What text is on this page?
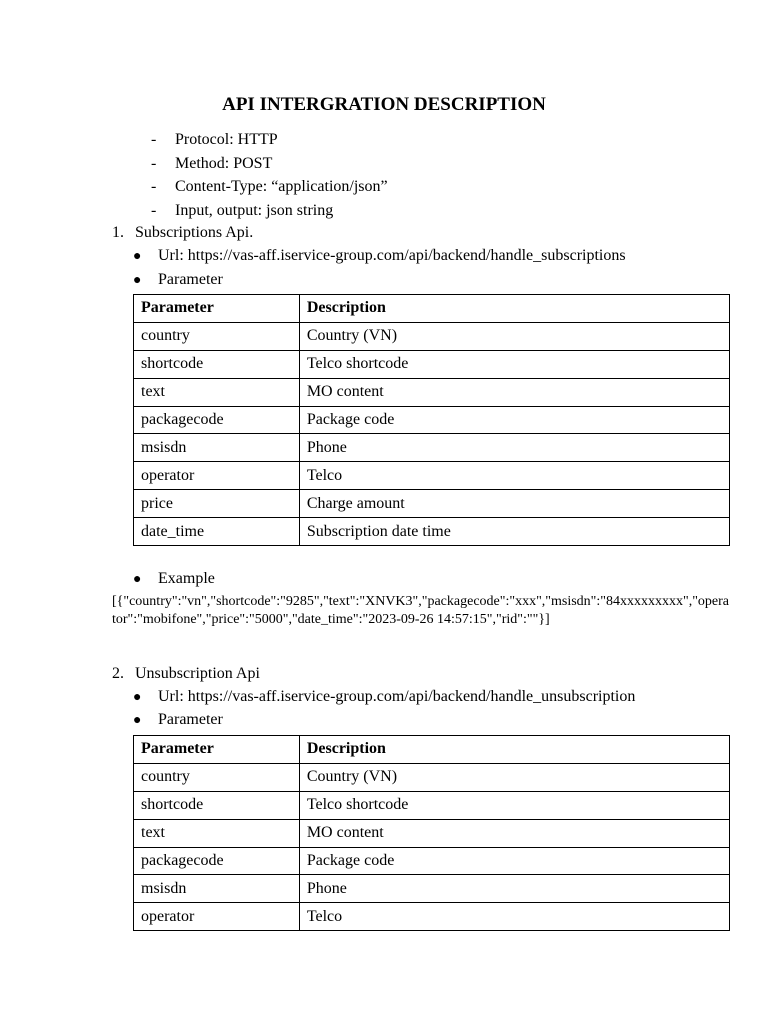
API INTERGRATION DESCRIPTION
- Protocol: HTTP
- Method: POST
- Content-Type: “application/json”
- Input, output: json string
1. Subscriptions Api.
● Url: https://vas-aff.iservice-group.com/api/backend/handle_subscriptions
● Parameter
Parameter	Description
country	Country (VN)
shortcode	Telco shortcode
text	MO content
packagecode	Package code
msisdn	Phone
operator	Telco
price	Charge amount
date_time	Subscription date time
● Example
[{"country":"vn","shortcode":"9285","text":"XNVK3","packagecode":"xxx","msisdn":"84xxxxxxxxx","operator":"mobifone","price":"5000","date_time":"2023-09-26 14:57:15","rid":""}]
2. Unsubscription Api
● Url: https://vas-aff.iservice-group.com/api/backend/handle_unsubscription
● Parameter
Parameter	Description
country	Country (VN)
shortcode	Telco shortcode
text	MO content
packagecode	Package code
msisdn	Phone
operator	Telco
